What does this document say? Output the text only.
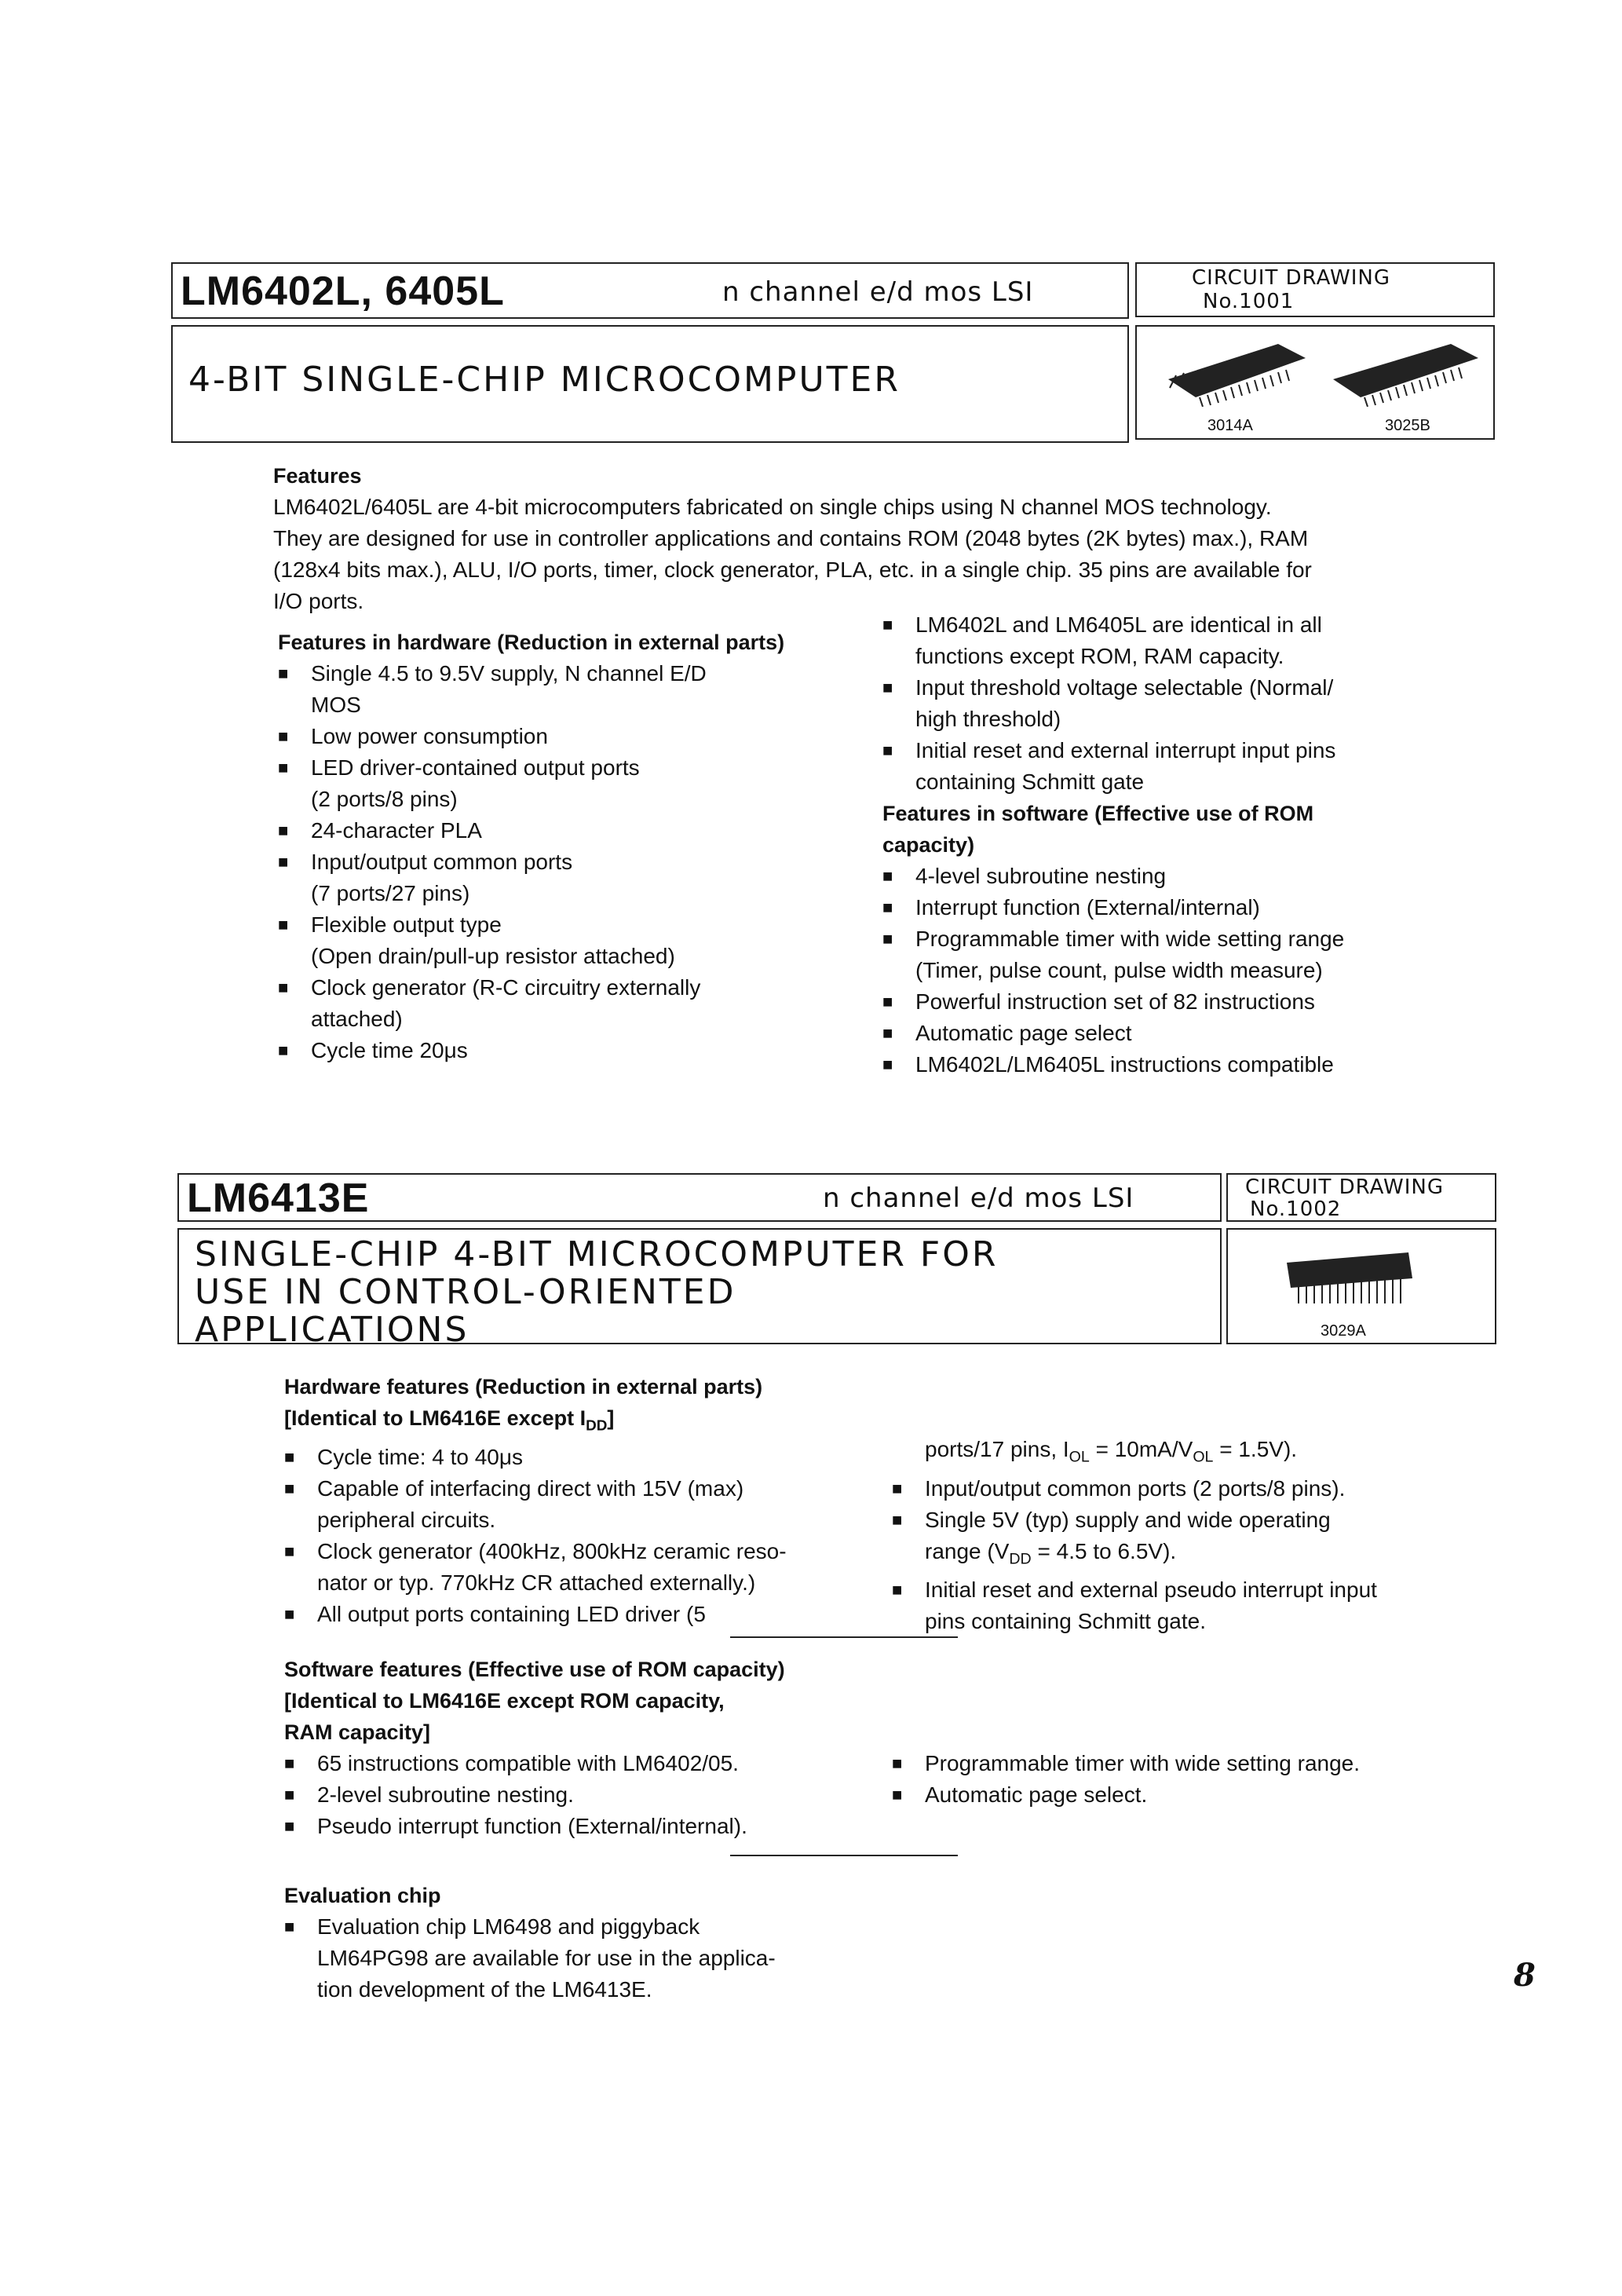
LM6402L, 6405L	n channel e/d mos LSI	CIRCUIT DRAWING
No.1001
4-BIT SINGLE-CHIP MICROCOMPUTER
3014A	3025B
Features

LM6402L/6405L are 4-bit microcomputers fabricated on single chips using N channel MOS technology.

They are designed for use in controller applications and contains ROM (2048 bytes (2K bytes) max.), RAM

(128x4 bits max.), ALU, I/O ports, timer, clock generator, PLA, etc. in a single chip. 35 pins are available for

I/O ports.

Features in hardware (Reduction in external parts)
■ Single 4.5 to 9.5V supply, N channel E/D
MOS
■ Low power consumption
■ LED driver-contained output ports
(2 ports/8 pins)
■ 24-character PLA
■ Input/output common ports
(7 ports/27 pins)
■ Flexible output type
(Open drain/pull-up resistor attached)
■ Clock generator (R-C circuitry externally
attached)
■ Cycle time 20μs
■ LM6402L and LM6405L are identical in all
functions except ROM, RAM capacity.
■ Input threshold voltage selectable (Normal/
high threshold)
■ Initial reset and external interrupt input pins
containing Schmitt gate
Features in software (Effective use of ROM
capacity)
■ 4-level subroutine nesting
■ Interrupt function (External/internal)
■ Programmable timer with wide setting range
(Timer, pulse count, pulse width measure)
■ Powerful instruction set of 82 instructions
■ Automatic page select
■ LM6402L/LM6405L instructions compatible
LM6413E	n channel e/d mos LSI	CIRCUIT DRAWING
No.1002
SINGLE-CHIP 4-BIT MICROCOMPUTER FOR
USE IN CONTROL-ORIENTED
APPLICATIONS	3029A
Hardware features (Reduction in external parts)
[Identical to LM6416E except $I_{DD}$]
■ Cycle time: 4 to 40μs
■ Capable of interfacing direct with 15V (max)
peripheral circuits.
■ Clock generator (400kHz, 800kHz ceramic reso-
nator or typ. 770kHz CR attached externally.)
■ All output ports containing LED driver (5
ports/17 pins, $I_{OL} = 10mA/V_{OL} = 1.5V$).
■ Input/output common ports (2 ports/8 pins).
■ Single 5V (typ) supply and wide operating
range ($V_{DD} = 4.5$ to 6.5V).
■ Initial reset and external pseudo interrupt input
pins containing Schmitt gate.
Software features (Effective use of ROM capacity)
[Identical to LM6416E except ROM capacity,
RAM capacity]
■ 65 instructions compatible with LM6402/05.
■ 2-level subroutine nesting.
■ Pseudo interrupt function (External/internal).
■ Programmable timer with wide setting range.
■ Automatic page select.
Evaluation chip
■ Evaluation chip LM6498 and piggyback
LM64PG98 are available for use in the applica-
tion development of the LM6413E.	8
